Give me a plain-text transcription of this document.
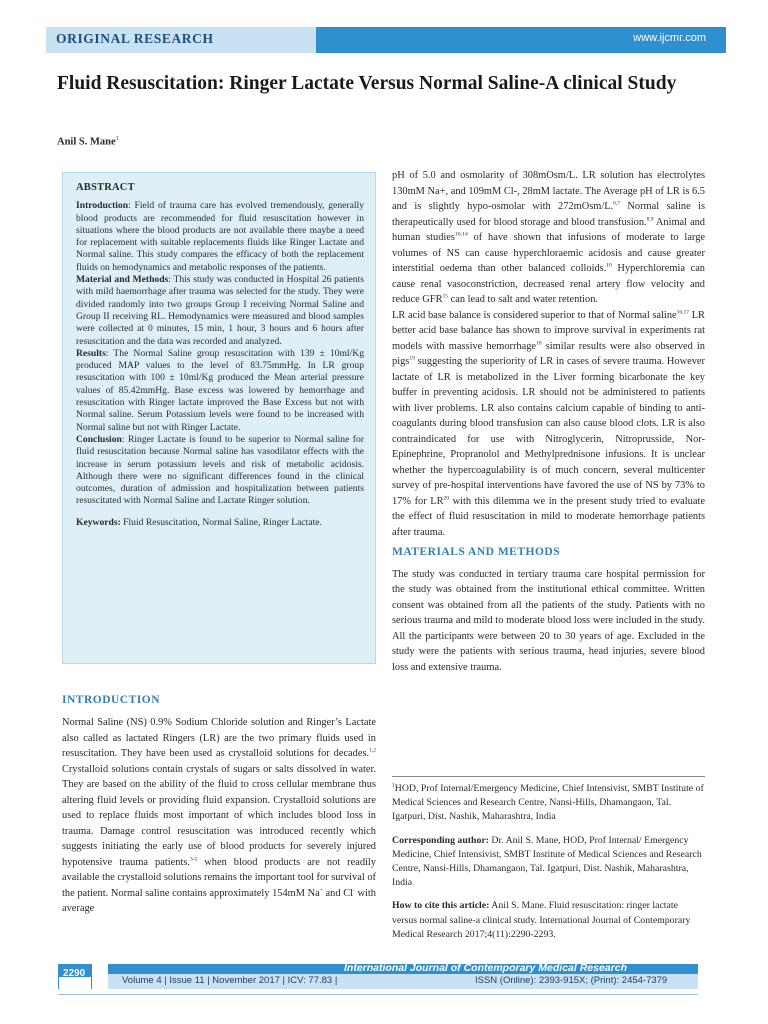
ORIGINAL RESEARCH	www.ijcmr.com
Fluid Resuscitation: Ringer Lactate Versus Normal Saline-A clinical Study
Anil S. Mane$^1$
ABSTRACT
Introduction: Field of trauma care has evolved tremendously, generally blood products are recommended for fluid resuscitation however in situations where the blood products are not available there maybe a need for replacement with suitable replacements fluids like Ringer Lactate and Normal saline. This study compares the efficacy of both the replacement fluids on hemodynamics and metabolic responses of the patients.
Material and Methods: This study was conducted in Hospital 26 patients with mild haemorrhage after trauma was selected for the study. They were divided randomly into two groups Group I receiving Normal Saline and Group II receiving RL. Hemodynamics were measured and blood samples were collected at 0 minutes, 15 min, 1 hour, 3 hours and 6 hours after resuscitation and the data was recorded and analyzed.
Results: The Normal Saline group resuscitation with 139 ± 10ml/Kg produced MAP values to the level of 83.75mmHg. In LR group resuscitation with 100 ± 10ml/Kg produced the Mean arterial pressure values of 85.42mmHg. Base excess was lowered by hemorrhage and resuscitation with Ringer lactate improved the Base Excess but not with Normal saline. Serum Potassium levels were found to be increased with Normal saline but not with Ringer Lactate.
Conclusion: Ringer Lactate is found to be superior to Normal saline for fluid resuscitation because Normal saline has vasodilator effects with the increase in serum potassium levels and risk of metabolic acidosis. Although there were no significant differences found in the clinical outcomes, duration of admission and hospitalization between patients resuscitated with Normal Saline and Lactate Ringer solution.
Keywords: Fluid Resuscitation, Normal Saline, Ringer Lactate.
INTRODUCTION

Normal Saline (NS) 0.9% Sodium Chloride solution and Ringer’s Lactate also called as lactated Ringers (LR) are the two primary fluids used in resuscitation. They have been used as crystalloid solutions for decades.$^{1,2}$ Crystalloid solutions contain crystals of sugars or salts dissolved in water. They are based on the ability of the fluid to cross cellular membrane thus altering fluid levels or providing fluid expansion. Crystalloid solutions are used to replace fluids most important of which includes blood loss in trauma. Damage control resuscitation was introduced recently which suggests initiating the early use of blood products for severely injured hypotensive trauma patients.$^{3-5}$ when blood products are not readily available the crystalloid solutions remains the important tool for survival of the patient. Normal saline contains approximately 154mM Na+ and Cl- with average

pH of 5.0 and osmolarity of 308mOsm/L. LR solution has electrolytes 130mM Na+, and 109mM Cl-, 28mM lactate. The Average pH of LR is 6.5 and is slightly hypo-osmolar with 272mOsm/L.$^{6,7}$ Normal saline is therapeutically used for blood storage and blood transfusion.$^{8,9}$ Animal and human studies$^{10-14}$ of have shown that infusions of moderate to large volumes of NS can cause hyperchloraemic acidosis and cause greater interstitial oedema than other balanced colloids.$^{10}$ Hyperchloremia can cause renal vasoconstriction, decreased renal artery flow velocity and reduce GFR$^{15}$ can lead to salt and water retention.

LR acid base balance is considered superior to that of Normal saline$^{16,17}$ LR better acid base balance has shown to improve survival in experiments rat models with massive hemorrhage$^{18}$ similar results were also observed in pigs$^{19}$ suggesting the superiority of LR in cases of severe trauma. However lactate of LR is metabolized in the Liver forming bicarbonate the key buffer in preventing acidosis. LR should not be administered to patients with liver problems. LR also contains calcium capable of binding to anti-coagulants during blood transfusion can also cause blood clots. LR is also contraindicated for use with Nitroglycerin, Nitroprusside, Nor-Epinephrine, Propranolol and Methylprednisone infusions. It is unclear whether the hypercoagulability is of much concern, several multicenter survey of pre-hospital interventions have favored the use of NS by 73% to 17% for LR$^{20}$ with this dilemma we in the present study tried to evaluate the effect of fluid resuscitation in mild to moderate hemorrhage patients after trauma.

MATERIALS AND METHODS

The study was conducted in tertiary trauma care hospital permission for the study was obtained from the institutional ethical committee. Written consent was obtained from all the patients of the study. Patients with no serious trauma and mild to moderate blood loss were included in the study. All the participants were between 20 to 30 years of age. Excluded in the study were the patients with serious trauma, head injuries, severe blood loss and extensive trauma.

$^1$HOD, Prof Internal/Emergency Medicine, Chief Intensivist, SMBT Institute of Medical Sciences and Research Centre, Nansi-Hills, Dhamangaon, Tal. Igatpuri, Dist. Nashik, Maharashtra, India

Corresponding author: Dr. Anil S. Mane, HOD, Prof Internal/ Emergency Medicine, Chief Intensivist, SMBT Institute of Medical Sciences and Research Centre, Nansi-Hills, Dhamangaon, Tal. Igatpuri, Dist. Nashik, Maharashtra, India

How to cite this article: Anil S. Mane. Fluid resuscitation: ringer lactate versus normal saline-a clinical study. International Journal of Contemporary Medical Research 2017;4(11):2290-2293.

2290	International Journal of Contemporary Medical Research
Volume 4 | Issue 11 | November 2017 | ICV: 77.83 |	ISSN (Online): 2393-915X; (Print): 2454-7379
